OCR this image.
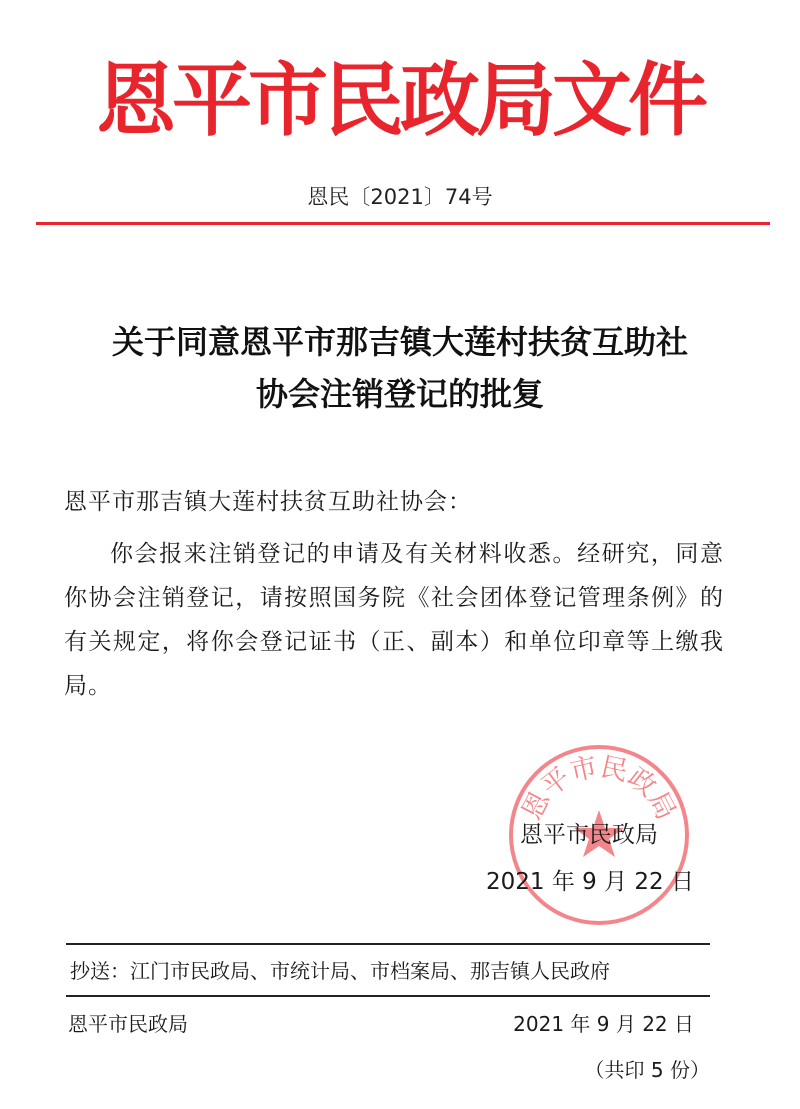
恩平市民政局文件
恩民〔2021〕74号
关于同意恩平市那吉镇大莲村扶贫互助社
协会注销登记的批复
恩平市那吉镇大莲村扶贫互助社协会：
你会报来注销登记的申请及有关材料收悉。经研究，同意你协会注销登记，请按照国务院《社会团体登记管理条例》的有关规定，将你会登记证书（正、副本）和单位印章等上缴我局。
恩平市民政局
恩平市民政局
2021 年 9 月 22 日
抄送：江门市民政局、市统计局、市档案局、那吉镇人民政府
恩平市民政局	2021 年 9 月 22 日
（共印 5 份）
